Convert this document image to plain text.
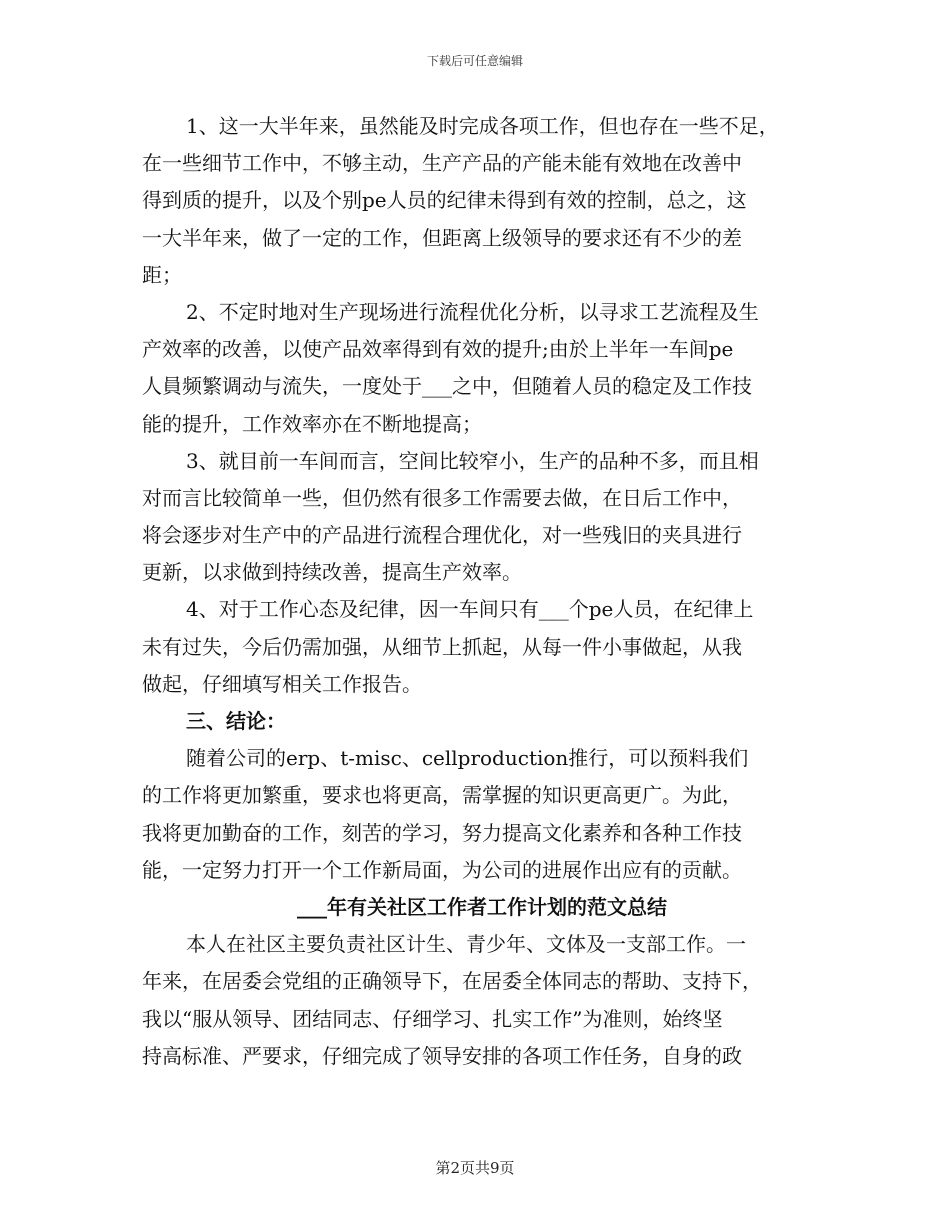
下载后可任意编辑
1、这一大半年来，虽然能及时完成各项工作，但也存在一些不足，
在一些细节工作中，不够主动，生产产品的产能未能有效地在改善中
得到质的提升，以及个别pe人员的纪律未得到有效的控制，总之，这
一大半年来，做了一定的工作，但距离上级领导的要求还有不少的差
距；
2、不定时地对生产现场进行流程优化分析，以寻求工艺流程及生
产效率的改善，以使产品效率得到有效的提升;由於上半年一车间pe
人員频繁调动与流失，一度处于___之中，但随着人员的稳定及工作技
能的提升，工作效率亦在不断地提高；
3、就目前一车间而言，空间比较窄小，生产的品种不多，而且相
对而言比较简单一些，但仍然有很多工作需要去做，在日后工作中，
将会逐步对生产中的产品进行流程合理优化，对一些残旧的夹具进行
更新，以求做到持续改善，提高生产效率。
4、对于工作心态及纪律，因一车间只有___个pe人员，在纪律上
未有过失，今后仍需加强，从细节上抓起，从每一件小事做起，从我
做起，仔细填写相关工作报告。
三、结论：
随着公司的erp、t-misc、cellproduction推行，可以预料我们
的工作将更加繁重，要求也将更高，需掌握的知识更高更广。为此，
我将更加勤奋的工作，刻苦的学习，努力提高文化素养和各种工作技
能，一定努力打开一个工作新局面，为公司的进展作出应有的贡献。
___年有关社区工作者工作计划的范文总结
本人在社区主要负责社区计生、青少年、文体及一支部工作。一
年来，在居委会党组的正确领导下，在居委全体同志的帮助、支持下，
我以“服从领导、团结同志、仔细学习、扎实工作”为准则，始终坚
持高标准、严要求，仔细完成了领导安排的各项工作任务，自身的政
第2页共9页
